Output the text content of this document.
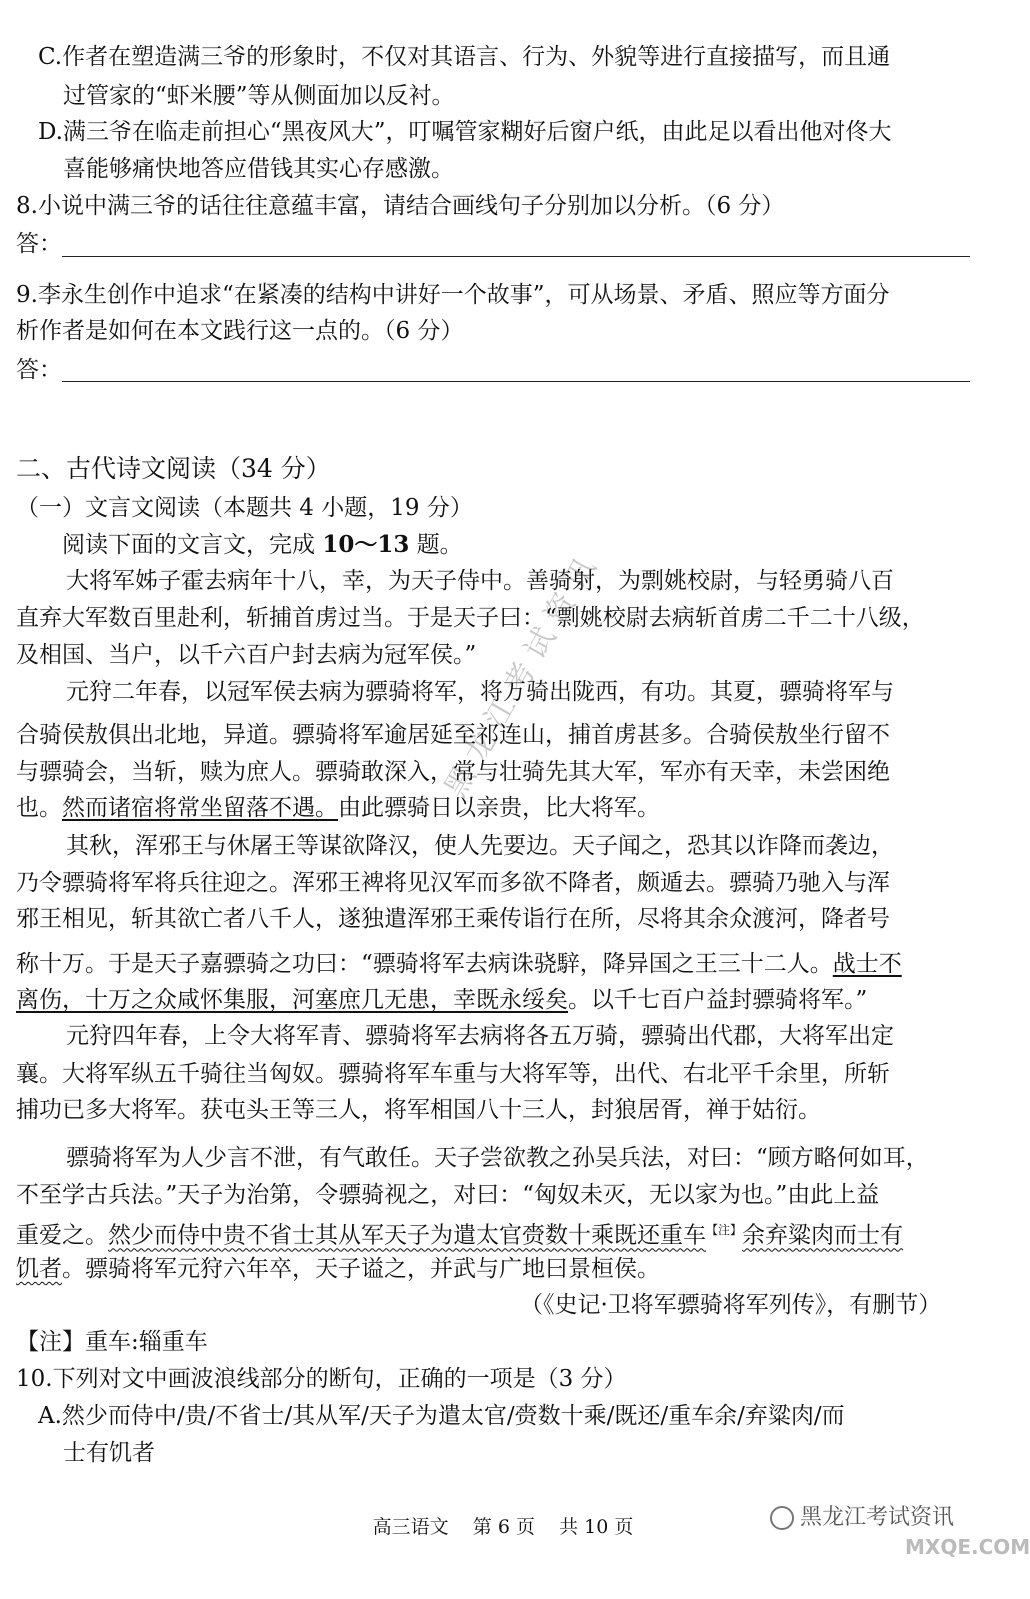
黑龙江考试资讯
C.作者在塑造满三爷的形象时，不仅对其语言、行为、外貌等进行直接描写，而且通
过管家的“虾米腰”等从侧面加以反衬。
D.满三爷在临走前担心“黑夜风大”，叮嘱管家糊好后窗户纸，由此足以看出他对佟大
喜能够痛快地答应借钱其实心存感激。
8.小说中满三爷的话往往意蕴丰富，请结合画线句子分别加以分析。（6 分）
答：
9.李永生创作中追求“在紧凑的结构中讲好一个故事”，可从场景、矛盾、照应等方面分
析作者是如何在本文践行这一点的。（6 分）
答：
二、古代诗文阅读（34 分）
（一）文言文阅读（本题共 4 小题，19 分）
阅读下面的文言文，完成 10～13 题。
大将军姊子霍去病年十八，幸，为天子侍中。善骑射，为剽姚校尉，与轻勇骑八百
直弃大军数百里赴利，斩捕首虏过当。于是天子曰：“剽姚校尉去病斩首虏二千二十八级，
及相国、当户，以千六百户封去病为冠军侯。”
元狩二年春，以冠军侯去病为骠骑将军，将万骑出陇西，有功。其夏，骠骑将军与
合骑侯敖俱出北地，异道。骠骑将军逾居延至祁连山，捕首虏甚多。合骑侯敖坐行留不
与骠骑会，当斩，赎为庶人。骠骑敢深入，常与壮骑先其大军，军亦有天幸，未尝困绝
也。然而诸宿将常坐留落不遇。由此骠骑日以亲贵，比大将军。
其秋，浑邪王与休屠王等谋欲降汉，使人先要边。天子闻之，恐其以诈降而袭边，
乃令骠骑将军将兵往迎之。浑邪王裨将见汉军而多欲不降者，颇遁去。骠骑乃驰入与浑
邪王相见，斩其欲亡者八千人，遂独遣浑邪王乘传诣行在所，尽将其余众渡河，降者号
称十万。于是天子嘉骠骑之功曰：“骠骑将军去病诛骁騂，降异国之王三十二人。战士不
离伤，十万之众咸怀集服，河塞庶几无患，幸既永绥矣。以千七百户益封骠骑将军。”
元狩四年春，上令大将军青、骠骑将军去病将各五万骑，骠骑出代郡，大将军出定
襄。大将军纵五千骑往当匈奴。骠骑将军车重与大将军等，出代、右北平千余里，所斩
捕功已多大将军。获屯头王等三人，将军相国八十三人，封狼居胥，禅于姑衍。
骠骑将军为人少言不泄，有气敢任。天子尝欲教之孙吴兵法，对曰：“顾方略何如耳，
不至学古兵法。”天子为治第，令骠骑视之，对曰：“匈奴未灭，无以家为也。”由此上益
重爱之。然少而侍中贵不省士其从军天子为遣太官赍数十乘既还重车$^{【注】}$余弃粱肉而士有
饥者。骠骑将军元狩六年卒，天子谥之，并武与广地曰景桓侯。
（《史记·卫将军骠骑将军列传》，有删节）
【注】重车:辎重车
10.下列对文中画波浪线部分的断句，正确的一项是（3 分）
A.然少而侍中/贵/不省士/其从军/天子为遣太官/赍数十乘/既还/重车余/弃粱肉/而
士有饥者
高三语文    第 6 页    共 10 页	黑龙江考试资讯
MXQE.COM
